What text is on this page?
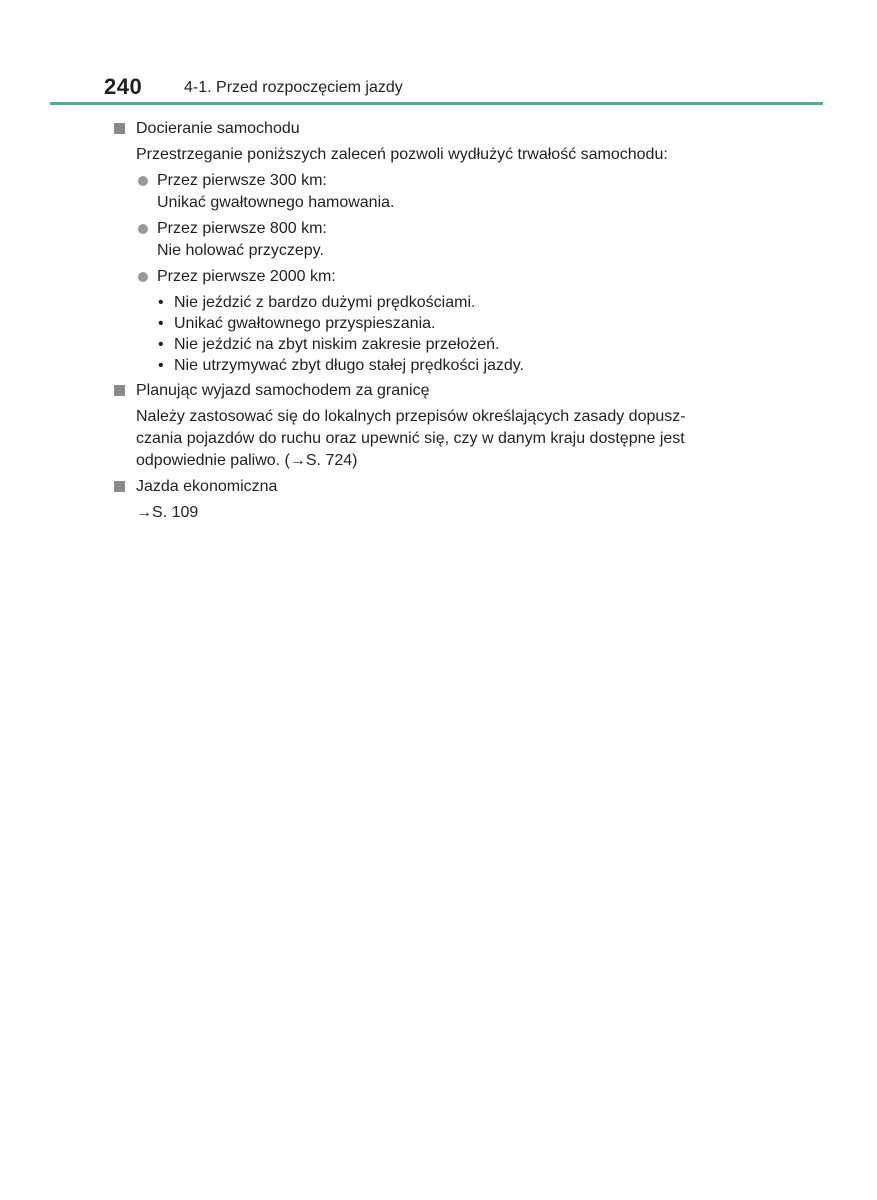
240	4-1. Przed rozpoczęciem jazdy
Docieranie samochodu
Przestrzeganie poniższych zaleceń pozwoli wydłużyć trwałość samochodu:
Przez pierwsze 300 km:
Unikać gwałtownego hamowania.
Przez pierwsze 800 km:
Nie holować przyczepy.
Przez pierwsze 2000 km:
• Nie jeździć z bardzo dużymi prędkościami.
• Unikać gwałtownego przyspieszania.
• Nie jeździć na zbyt niskim zakresie przełożeń.
• Nie utrzymywać zbyt długo stałej prędkości jazdy.
Planując wyjazd samochodem za granicę
Należy zastosować się do lokalnych przepisów określających zasady dopusz-
czania pojazdów do ruchu oraz upewnić się, czy w danym kraju dostępne jest
odpowiednie paliwo. (→S. 724)
Jazda ekonomiczna
→S. 109
